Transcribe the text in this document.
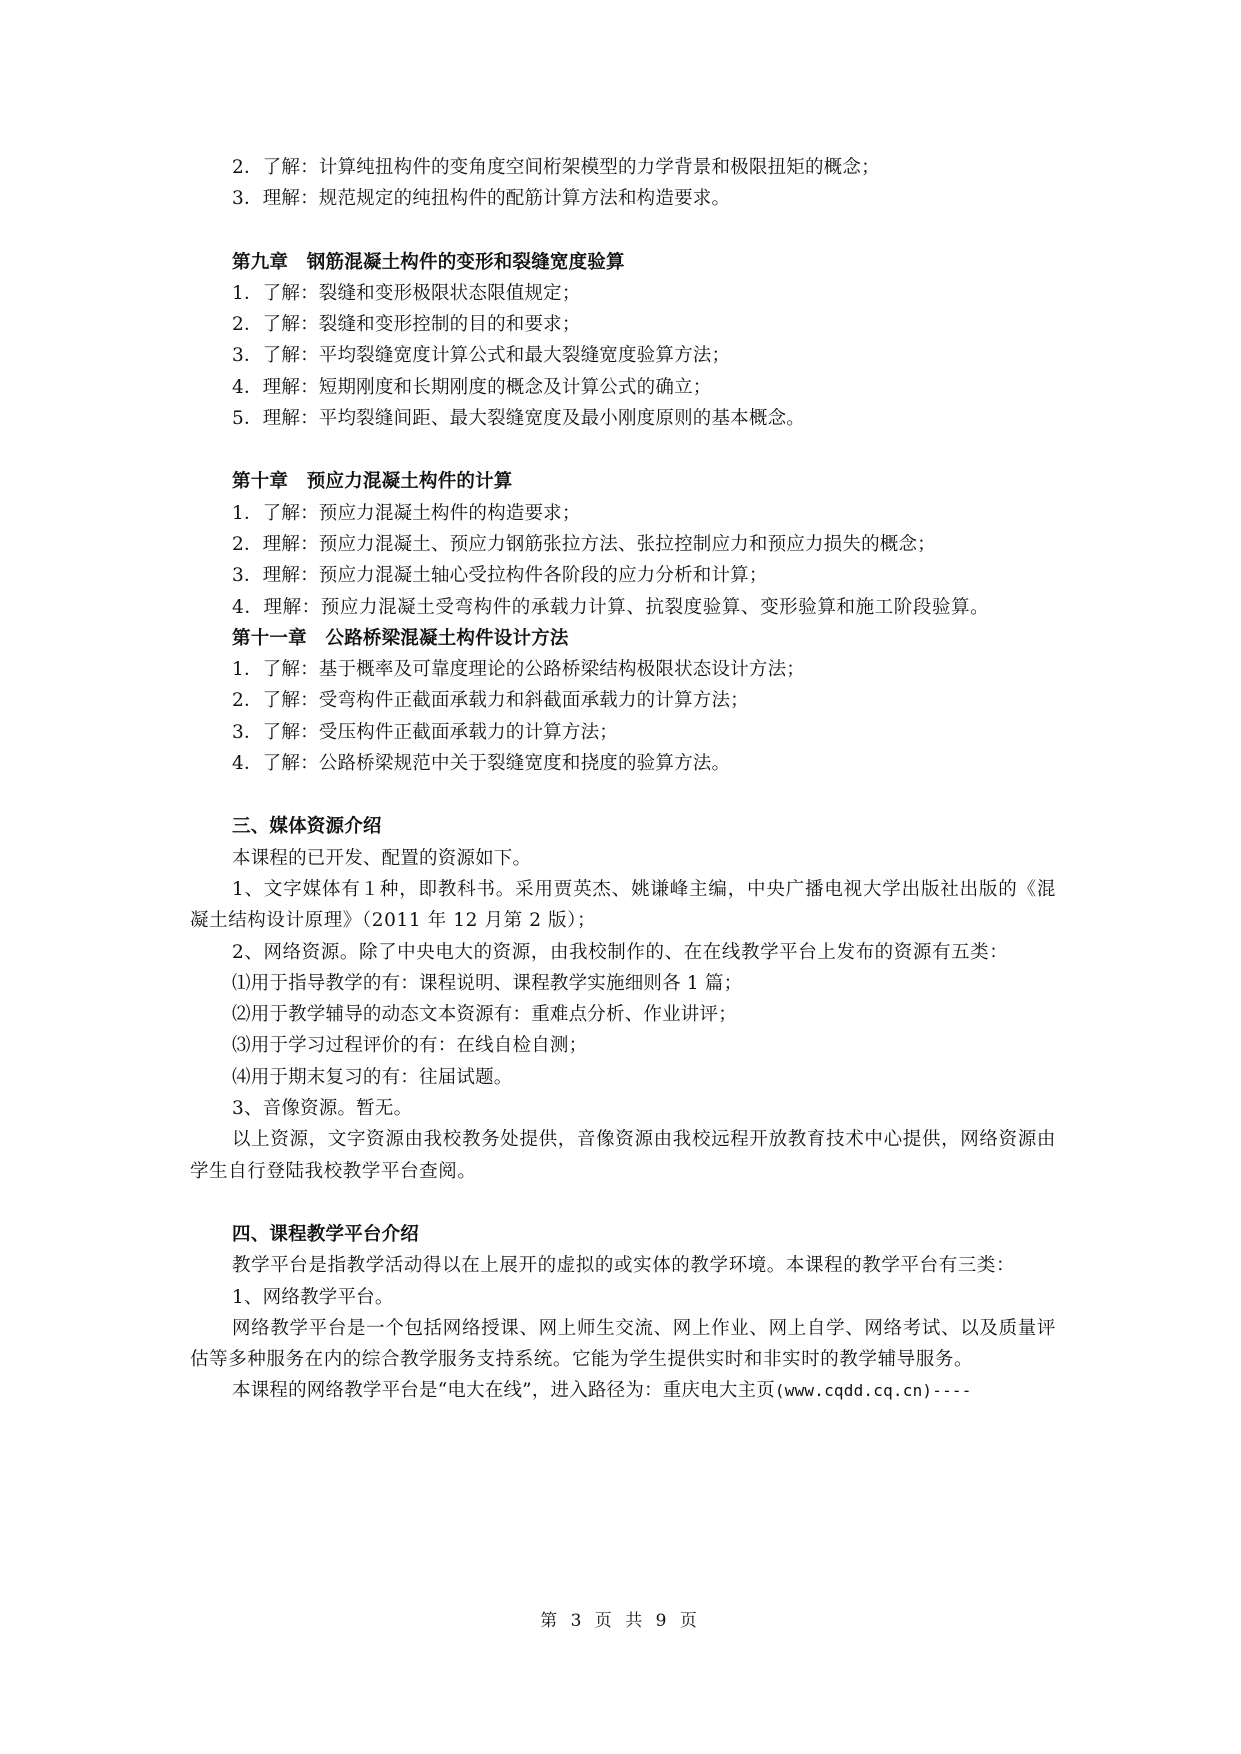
2．了解：计算纯扭构件的变角度空间桁架模型的力学背景和极限扭矩的概念；
3．理解：规范规定的纯扭构件的配筋计算方法和构造要求。
第九章　钢筋混凝土构件的变形和裂缝宽度验算
1．了解：裂缝和变形极限状态限值规定；
2．了解：裂缝和变形控制的目的和要求；
3．了解：平均裂缝宽度计算公式和最大裂缝宽度验算方法；
4．理解：短期刚度和长期刚度的概念及计算公式的确立；
5．理解：平均裂缝间距、最大裂缝宽度及最小刚度原则的基本概念。
第十章　预应力混凝土构件的计算
1．了解：预应力混凝土构件的构造要求；
2．理解：预应力混凝土、预应力钢筋张拉方法、张拉控制应力和预应力损失的概念；
3．理解：预应力混凝土轴心受拉构件各阶段的应力分析和计算；
4．理解：预应力混凝土受弯构件的承载力计算、抗裂度验算、变形验算和施工阶段验算。
第十一章　公路桥梁混凝土构件设计方法
1．了解：基于概率及可靠度理论的公路桥梁结构极限状态设计方法；
2．了解：受弯构件正截面承载力和斜截面承载力的计算方法；
3．了解：受压构件正截面承载力的计算方法；
4．了解：公路桥梁规范中关于裂缝宽度和挠度的验算方法。
三、媒体资源介绍
本课程的已开发、配置的资源如下。
1、文字媒体有１种，即教科书。采用贾英杰、姚谦峰主编，中央广播电视大学出版社出版的《混凝土结构设计原理》（2011 年 12 月第 2 版）；
2、网络资源。除了中央电大的资源，由我校制作的、在在线教学平台上发布的资源有五类：
⑴用于指导教学的有：课程说明、课程教学实施细则各 1 篇；
⑵用于教学辅导的动态文本资源有：重难点分析、作业讲评；
⑶用于学习过程评价的有：在线自检自测；
⑷用于期末复习的有：往届试题。
3、音像资源。暂无。
以上资源，文字资源由我校教务处提供，音像资源由我校远程开放教育技术中心提供，网络资源由学生自行登陆我校教学平台查阅。
四、课程教学平台介绍
教学平台是指教学活动得以在上展开的虚拟的或实体的教学环境。本课程的教学平台有三类：
1、网络教学平台。
网络教学平台是一个包括网络授课、网上师生交流、网上作业、网上自学、网络考试、以及质量评估等多种服务在内的综合教学服务支持系统。它能为学生提供实时和非实时的教学辅导服务。
本课程的网络教学平台是“电大在线”，进入路径为：重庆电大主页(www.cqdd.cq.cn)----
第 3 页 共 9 页
